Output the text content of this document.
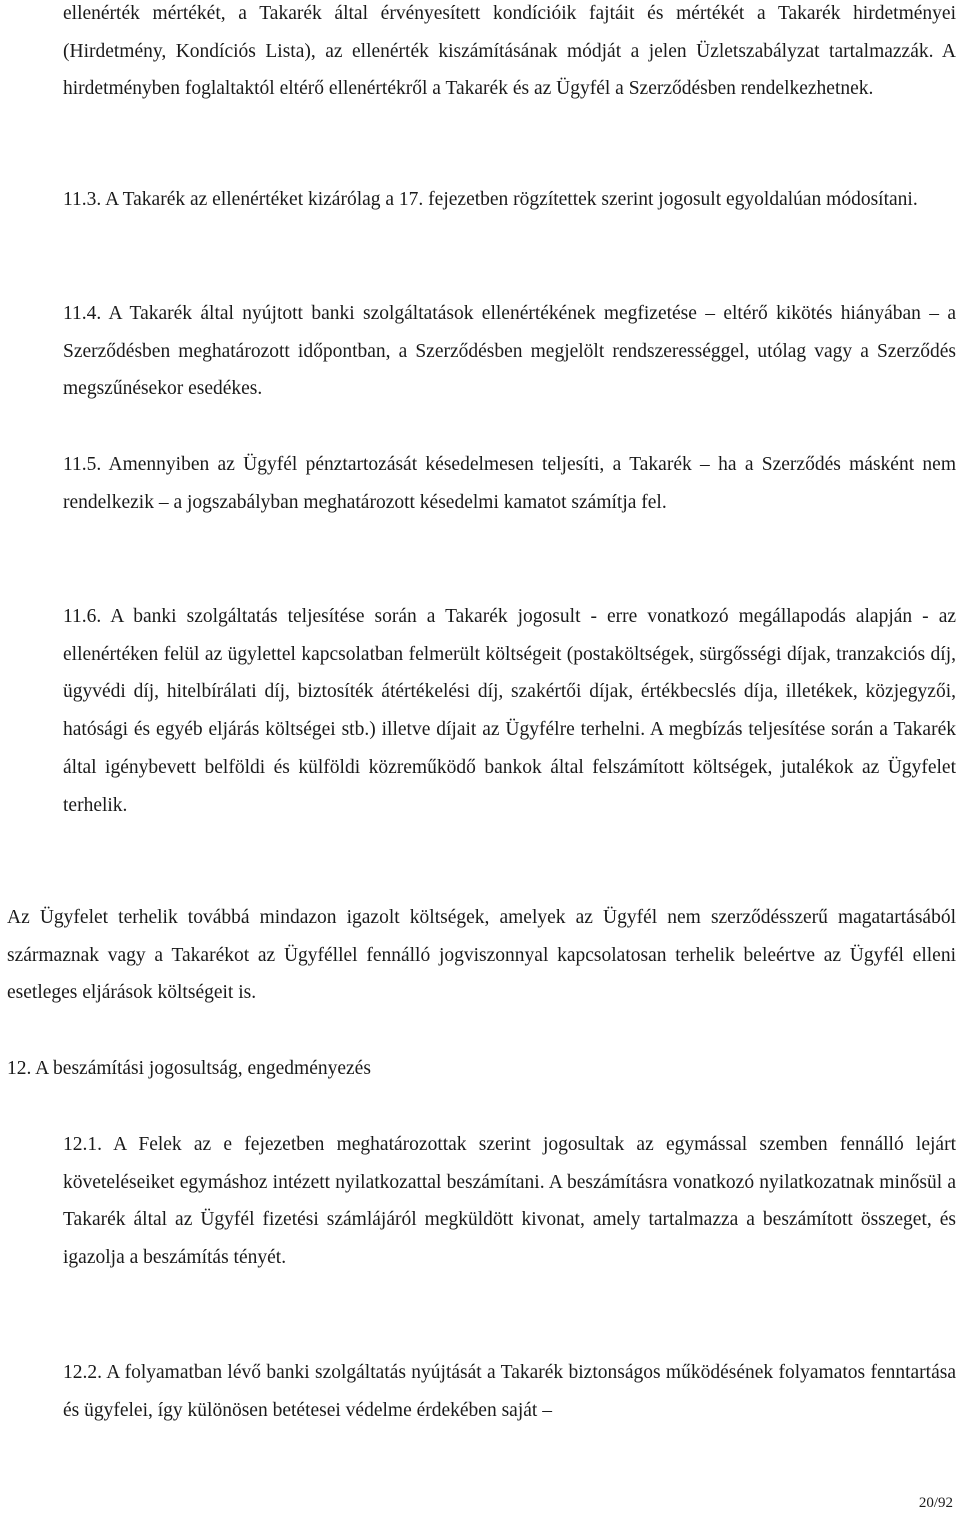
ellenérték mértékét, a Takarék által érvényesített kondícióik fajtáit és mértékét a Takarék hirdetményei (Hirdetmény, Kondíciós Lista), az ellenérték kiszámításának módját a jelen Üzletszabályzat tartalmazzák. A hirdetményben foglaltaktól eltérő ellenértékről a Takarék és az Ügyfél a Szerződésben rendelkezhetnek.
11.3. A Takarék az ellenértéket kizárólag a 17. fejezetben rögzítettek szerint jogosult egyoldalúan módosítani.
11.4. A Takarék által nyújtott banki szolgáltatások ellenértékének megfizetése – eltérő kikötés hiányában – a Szerződésben meghatározott időpontban, a Szerződésben megjelölt rendszerességgel, utólag vagy a Szerződés megszűnésekor esedékes.
11.5. Amennyiben az Ügyfél pénztartozását késedelmesen teljesíti, a Takarék – ha a Szerződés másként nem rendelkezik – a jogszabályban meghatározott késedelmi kamatot számítja fel.
11.6. A banki szolgáltatás teljesítése során a Takarék jogosult - erre vonatkozó megállapodás alapján - az ellenértéken felül az ügylettel kapcsolatban felmerült költségeit (postaköltségek, sürgősségi díjak, tranzakciós díj, ügyvédi díj, hitelbírálati díj, biztosíték átértékelési díj, szakértői díjak, értékbecslés díja, illetékek, közjegyzői, hatósági és egyéb eljárás költségei stb.) illetve díjait az Ügyfélre terhelni. A megbízás teljesítése során a Takarék által igénybevett belföldi és külföldi közreműködő bankok által felszámított költségek, jutalékok az Ügyfelet terhelik.
Az Ügyfelet terhelik továbbá mindazon igazolt költségek, amelyek az Ügyfél nem szerződésszerű magatartásából származnak vagy a Takarékot az Ügyféllel fennálló jogviszonnyal kapcsolatosan terhelik beleértve az Ügyfél elleni esetleges eljárások költségeit is.
12. A beszámítási jogosultság, engedményezés
12.1. A Felek az e fejezetben meghatározottak szerint jogosultak az egymással szemben fennálló lejárt követeléseiket egymáshoz intézett nyilatkozattal beszámítani. A beszámításra vonatkozó nyilatkozatnak minősül a Takarék által az Ügyfél fizetési számlájáról megküldött kivonat, amely tartalmazza a beszámított összeget, és igazolja a beszámítás tényét.
12.2. A folyamatban lévő banki szolgáltatás nyújtását a Takarék biztonságos működésének folyamatos fenntartása és ügyfelei, így különösen betétesei védelme érdekében saját –
20/92
